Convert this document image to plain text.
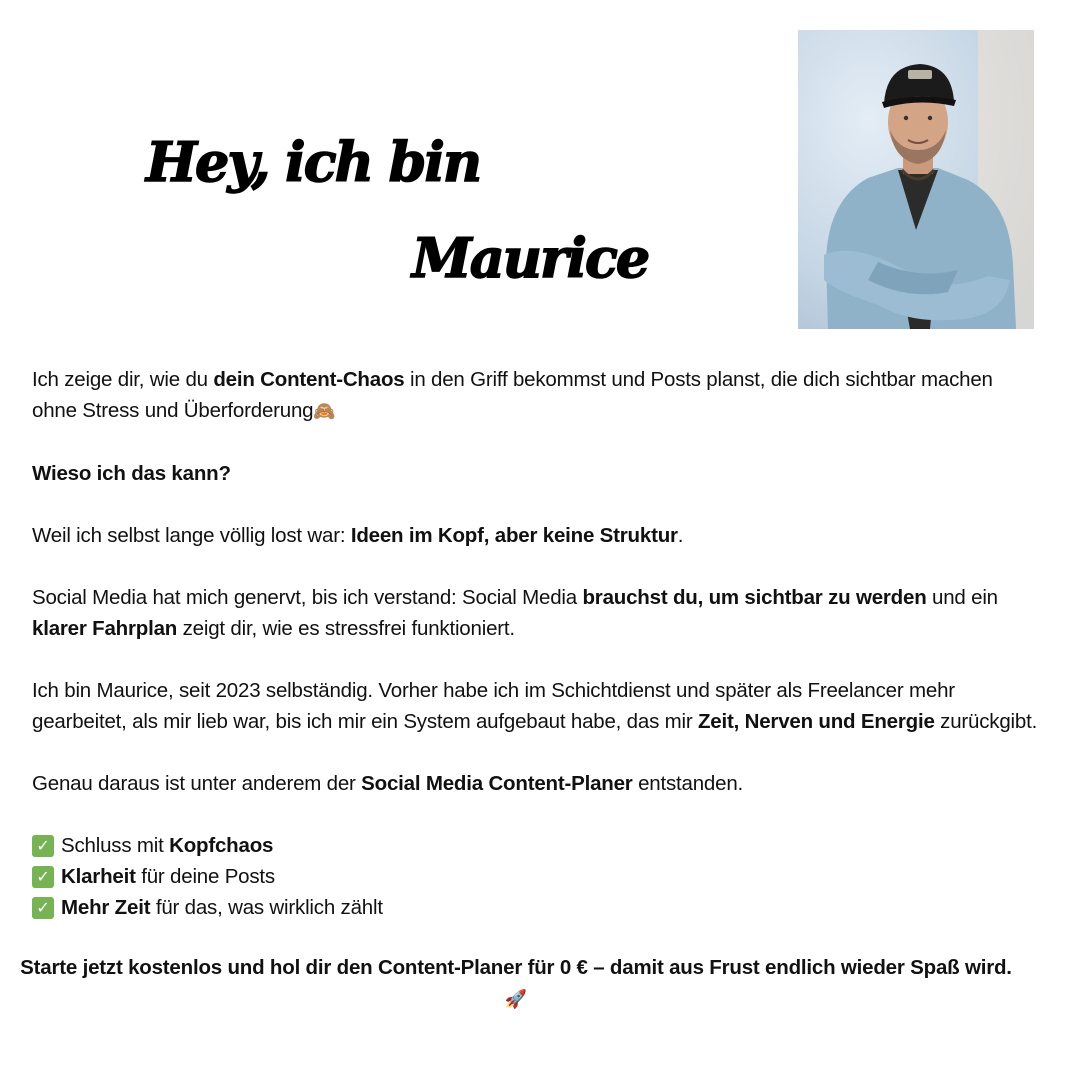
Hey, ich bin
Maurice

Ich zeige dir, wie du dein Content-Chaos in den Griff bekommst und Posts planst, die dich sichtbar machen ohne Stress und Überforderung🙈

Wieso ich das kann?

Weil ich selbst lange völlig lost war: Ideen im Kopf, aber keine Struktur.

Social Media hat mich genervt, bis ich verstand: Social Media brauchst du, um sichtbar zu werden und ein klarer Fahrplan zeigt dir, wie es stressfrei funktioniert.

Ich bin Maurice, seit 2023 selbständig. Vorher habe ich im Schichtdienst und später als Freelancer mehr gearbeitet, als mir lieb war, bis ich mir ein System aufgebaut habe, das mir Zeit, Nerven und Energie zurückgibt.

Genau daraus ist unter anderem der Social Media Content-Planer entstanden.

✓ Schluss mit
Kopfchaos
✓ Klarheit für deine Posts
✓ Mehr Zeit für das, was wirklich zählt

Starte jetzt kostenlos und hol dir den Content-Planer für 0 € – damit aus Frust endlich wieder Spaß wird. 🚀
